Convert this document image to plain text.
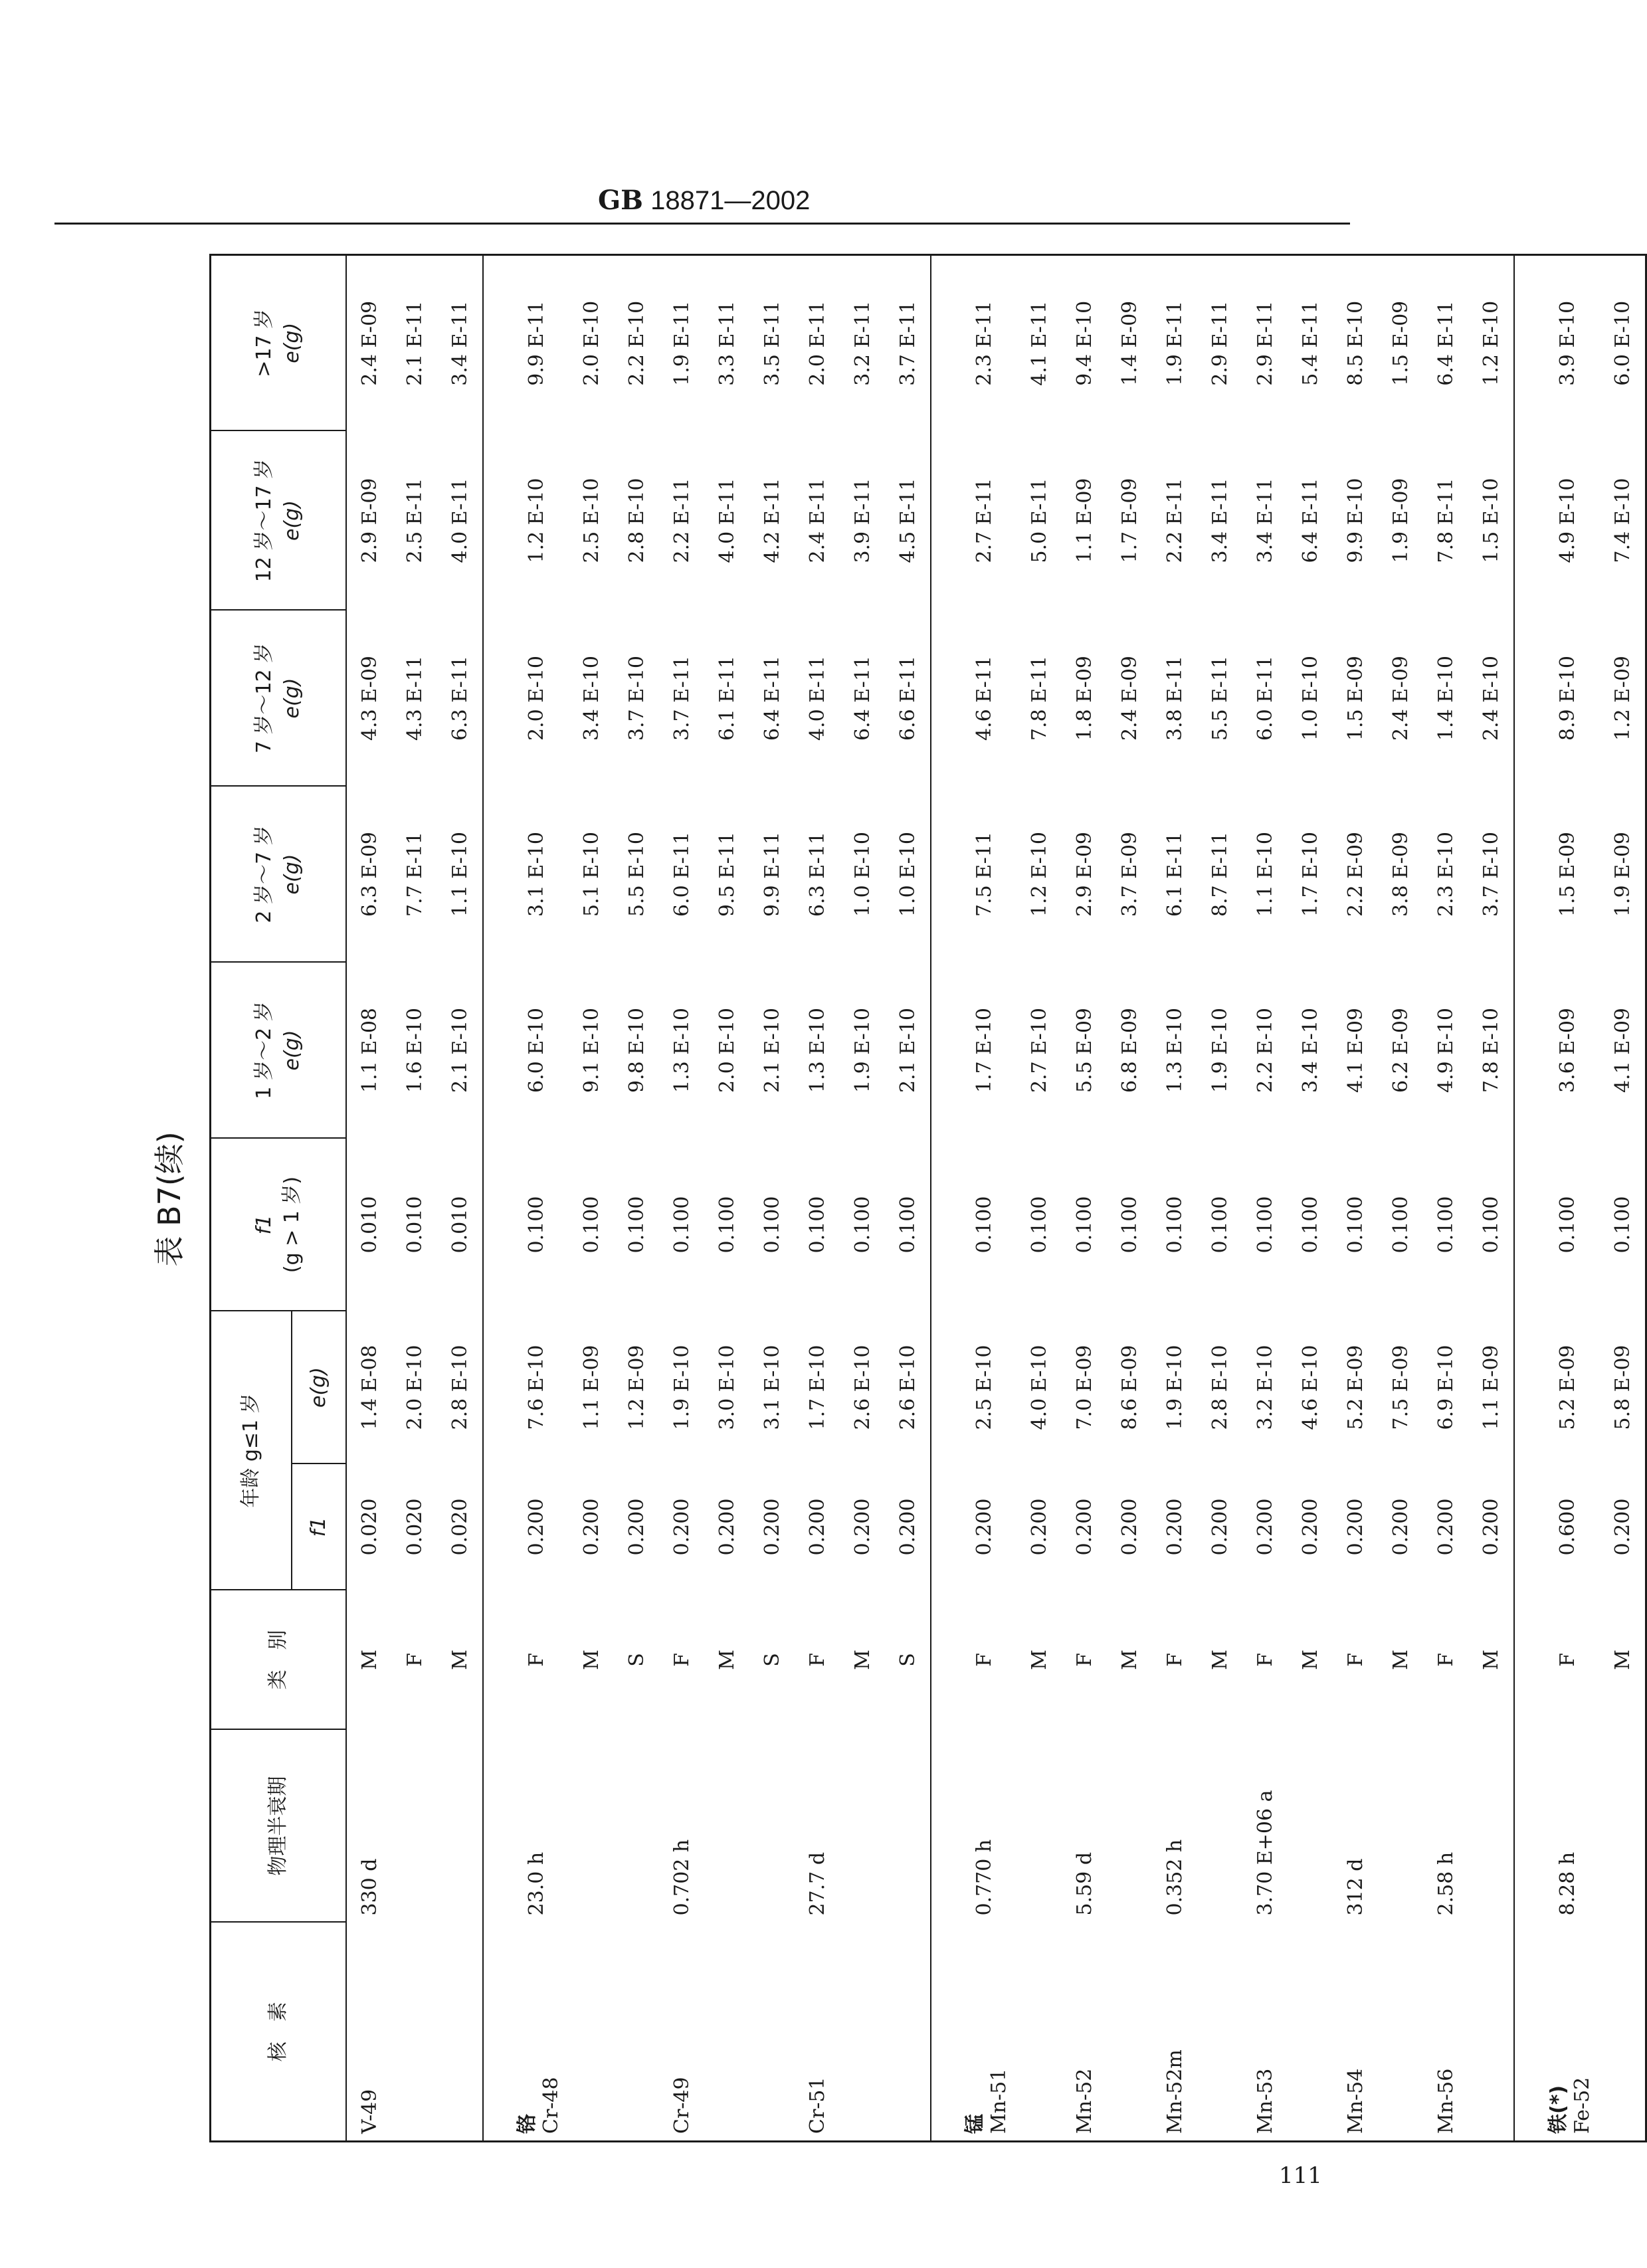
GB 18871—2002
表 B7(续)
核　素	物理半衰期	类　别	年龄 g≤1 岁		f1 (g > 1 岁)	1 岁～2 岁 e(g)	2 岁～7 岁 e(g)	7 岁～12 岁 e(g)	12 岁～17 岁 e(g)	>17 岁 e(g)
			f1	e(g)						
V-49	330 d	M	0.020	1.4 E-08	0.010	1.1 E-08	6.3 E-09	4.3 E-09	2.9 E-09	2.4 E-09
		F	0.020	2.0 E-10	0.010	1.6 E-10	7.7 E-11	4.3 E-11	2.5 E-11	2.1 E-11
		M	0.020	2.8 E-10	0.010	2.1 E-10	1.1 E-10	6.3 E-11	4.0 E-11	3.4 E-11
铬
Cr-48	23.0 h	F	0.200	7.6 E-10	0.100	6.0 E-10	3.1 E-10	2.0 E-10	1.2 E-10	9.9 E-11
		M	0.200	1.1 E-09	0.100	9.1 E-10	5.1 E-10	3.4 E-10	2.5 E-10	2.0 E-10
		S	0.200	1.2 E-09	0.100	9.8 E-10	5.5 E-10	3.7 E-10	2.8 E-10	2.2 E-10
Cr-49	0.702 h	F	0.200	1.9 E-10	0.100	1.3 E-10	6.0 E-11	3.7 E-11	2.2 E-11	1.9 E-11
		M	0.200	3.0 E-10	0.100	2.0 E-10	9.5 E-11	6.1 E-11	4.0 E-11	3.3 E-11
		S	0.200	3.1 E-10	0.100	2.1 E-10	9.9 E-11	6.4 E-11	4.2 E-11	3.5 E-11
Cr-51	27.7 d	F	0.200	1.7 E-10	0.100	1.3 E-10	6.3 E-11	4.0 E-11	2.4 E-11	2.0 E-11
		M	0.200	2.6 E-10	0.100	1.9 E-10	1.0 E-10	6.4 E-11	3.9 E-11	3.2 E-11
		S	0.200	2.6 E-10	0.100	2.1 E-10	1.0 E-10	6.6 E-11	4.5 E-11	3.7 E-11
锰
Mn-51	0.770 h	F	0.200	2.5 E-10	0.100	1.7 E-10	7.5 E-11	4.6 E-11	2.7 E-11	2.3 E-11
		M	0.200	4.0 E-10	0.100	2.7 E-10	1.2 E-10	7.8 E-11	5.0 E-11	4.1 E-11
Mn-52	5.59 d	F	0.200	7.0 E-09	0.100	5.5 E-09	2.9 E-09	1.8 E-09	1.1 E-09	9.4 E-10
		M	0.200	8.6 E-09	0.100	6.8 E-09	3.7 E-09	2.4 E-09	1.7 E-09	1.4 E-09
Mn-52m	0.352 h	F	0.200	1.9 E-10	0.100	1.3 E-10	6.1 E-11	3.8 E-11	2.2 E-11	1.9 E-11
		M	0.200	2.8 E-10	0.100	1.9 E-10	8.7 E-11	5.5 E-11	3.4 E-11	2.9 E-11
Mn-53	3.70 E+06 a	F	0.200	3.2 E-10	0.100	2.2 E-10	1.1 E-10	6.0 E-11	3.4 E-11	2.9 E-11
		M	0.200	4.6 E-10	0.100	3.4 E-10	1.7 E-10	1.0 E-10	6.4 E-11	5.4 E-11
Mn-54	312 d	F	0.200	5.2 E-09	0.100	4.1 E-09	2.2 E-09	1.5 E-09	9.9 E-10	8.5 E-10
		M	0.200	7.5 E-09	0.100	6.2 E-09	3.8 E-09	2.4 E-09	1.9 E-09	1.5 E-09
Mn-56	2.58 h	F	0.200	6.9 E-10	0.100	4.9 E-10	2.3 E-10	1.4 E-10	7.8 E-11	6.4 E-11
		M	0.200	1.1 E-09	0.100	7.8 E-10	3.7 E-10	2.4 E-10	1.5 E-10	1.2 E-10
铁(*)
Fe-52	8.28 h	F	0.600	5.2 E-09	0.100	3.6 E-09	1.5 E-09	8.9 E-10	4.9 E-10	3.9 E-10
		M	0.200	5.8 E-09	0.100	4.1 E-09	1.9 E-09	1.2 E-09	7.4 E-10	6.0 E-10
111
